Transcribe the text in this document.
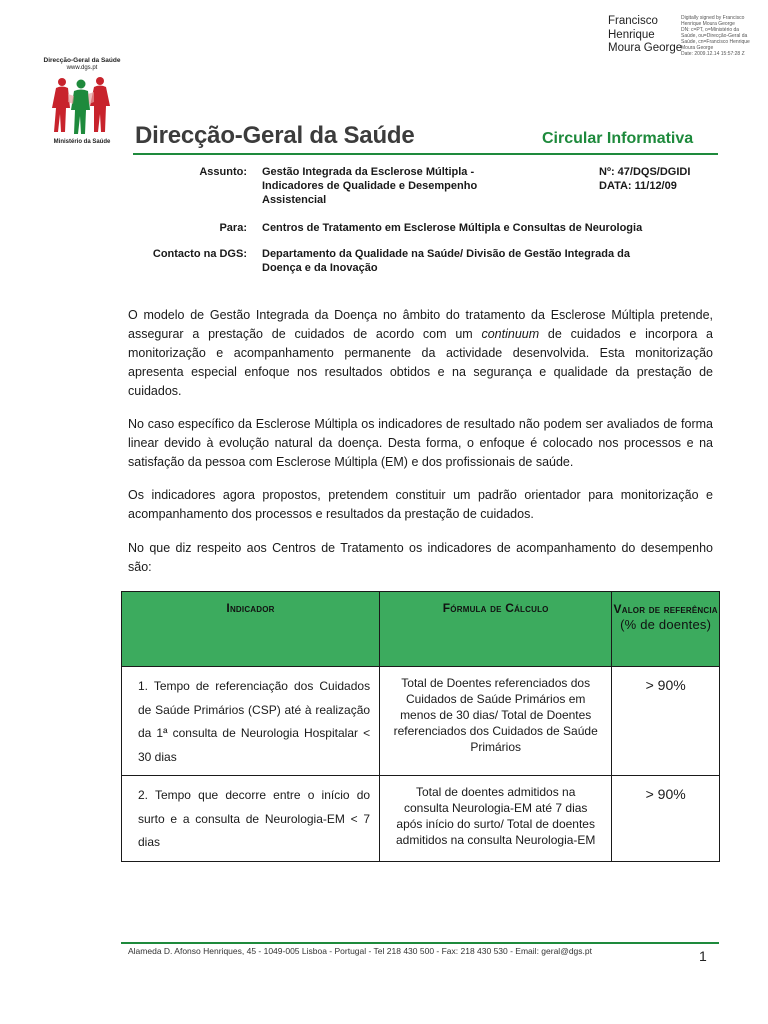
Francisco
Henrique
Moura George
Digitally signed by Francisco
Henrique Moura George
DN: c=PT, o=Ministério da
Saúde, ou=Direcção-Geral da
Saúde, cn=Francisco Henrique
Moura George
Date: 2009.12.14 15:57:28 Z
Direcção-Geral da Saúde
www.dgs.pt
Ministério da Saúde	Direcção-Geral da Saúde	Circular Informativa
Assunto: Gestão Integrada da Esclerose Múltipla -
Indicadores de Qualidade e Desempenho
Assistencial
Nº: 47/DQS/DGIDI
DATA: 11/12/09
Para: Centros de Tratamento em Esclerose Múltipla e Consultas de Neurologia
Contacto na DGS: Departamento da Qualidade na Saúde/ Divisão de Gestão Integrada da
Doença e da Inovação

O modelo de Gestão Integrada da Doença no âmbito do tratamento da Esclerose Múltipla pretende, assegurar a prestação de cuidados de acordo com um continuum de cuidados e incorpora a monitorização e acompanhamento permanente da actividade desenvolvida. Esta monitorização apresenta especial enfoque nos resultados obtidos e na segurança e qualidade da prestação de cuidados.

No caso específico da Esclerose Múltipla os indicadores de resultado não podem ser avaliados de forma linear devido à evolução natural da doença. Desta forma, o enfoque é colocado nos processos e na satisfação da pessoa com Esclerose Múltipla (EM) e dos profissionais de saúde.

Os indicadores agora propostos, pretendem constituir um padrão orientador para monitorização e acompanhamento dos processos e resultados da prestação de cuidados.

No que diz respeito aos Centros de Tratamento os indicadores de acompanhamento do desempenho são:

Indicador	Fórmula de Cálculo	Valor de referência
(% de doentes)

1. Tempo de referenciação dos Cuidados de Saúde Primários (CSP) até à realização da 1ª consulta de Neurologia Hospitalar < 30 dias	Total de Doentes referenciados dos Cuidados de Saúde Primários em menos de 30 dias/ Total de Doentes referenciados dos Cuidados de Saúde Primários	> 90%
2. Tempo que decorre entre o início do surto e a consulta de Neurologia-EM < 7 dias	Total de doentes admitidos na consulta Neurologia-EM até 7 dias após início do surto/ Total de doentes admitidos na consulta Neurologia-EM	> 90%
Alameda D. Afonso Henriques, 45 - 1049-005 Lisboa - Portugal - Tel 218 430 500 - Fax: 218 430 530 - Email: geral@dgs.pt	1
